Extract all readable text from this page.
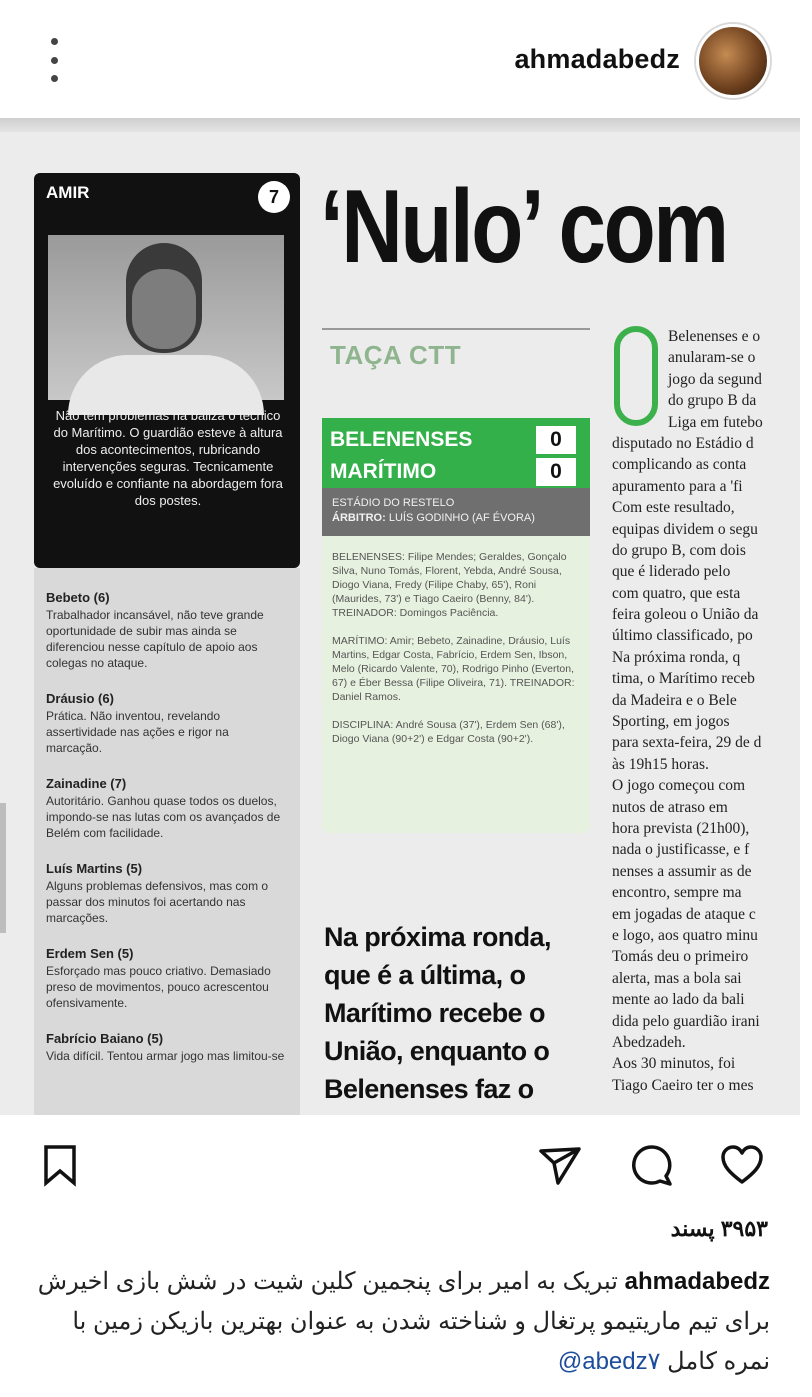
ahmadabedz
AMIR	7
Não tem problemas na baliza o técnico do Marítimo. O guardião esteve à altura dos acontecimentos, rubricando intervenções seguras. Tecnicamente evoluído e confiante na abordagem fora dos postes.
Bebeto (6)
Trabalhador incansável, não teve grande oportunidade de subir mas ainda se diferenciou nesse capítulo de apoio aos colegas no ataque.
Dráusio (6)
Prática. Não inventou, revelando assertividade nas ações e rigor na marcação.
Zainadine (7)
Autoritário. Ganhou quase todos os duelos, impondo-se nas lutas com os avançados de Belém com facilidade.
Luís Martins (5)
Alguns problemas defensivos, mas com o passar dos minutos foi acertando nas marcações.
Erdem Sen (5)
Esforçado mas pouco criativo. Demasiado preso de movimentos, pouco acrescentou ofensivamente.
Fabrício Baiano (5)
Vida difícil. Tentou armar jogo mas limitou-se
‘Nulo’ com
TAÇA CTT
BELENENSES	0
MARÍTIMO	0
ESTÁDIO DO RESTELO
ÁRBITRO: LUÍS GODINHO (AF ÉVORA)

BELENENSES: Filipe Mendes; Geraldes, Gonçalo Silva, Nuno Tomás, Florent, Yebda, André Sousa, Diogo Viana, Fredy (Filipe Chaby, 65'), Roni (Maurides, 73') e Tiago Caeiro (Benny, 84'). TREINADOR: Domingos Paciência.

MARÍTIMO: Amir; Bebeto, Zainadine, Dráusio, Luís Martins, Edgar Costa, Fabrício, Erdem Sen, Ibson, Melo (Ricardo Valente, 70), Rodrigo Pinho (Everton, 67) e Éber Bessa (Filipe Oliveira, 71). TREINADOR: Daniel Ramos.

DISCIPLINA: André Sousa (37'), Erdem Sen (68'), Diogo Viana (90+2') e Edgar Costa (90+2').

Na próxima ronda, que é a última, o Marítimo recebe o União, enquanto o Belenenses faz o
Belenenses e o
anularam-se o
jogo da segund
do grupo B da
Liga em futebo
disputado no Estádio d
complicando as conta
apuramento para a 'fi
Com este resultado,
equipas dividem o segu
do grupo B, com dois
que é liderado pelo
com quatro, que esta
feira goleou o União da
último classificado, po
Na próxima ronda, q
tima, o Marítimo receb
da Madeira e o Bele
Sporting, em jogos
para sexta-feira, 29 de d
às 19h15 horas.
O jogo começou com
nutos de atraso em
hora prevista (21h00),
nada o justificasse, e f
nenses a assumir as de
encontro, sempre ma
em jogadas de ataque c
e logo, aos quatro minu
Tomás deu o primeiro
alerta, mas a bola sai
mente ao lado da bali
dida pelo guardião irani
Abedzadeh.
Aos 30 minutos, foi
Tiago Caeiro ter o mes
۳۹۵۳ پسند
ahmadabedz تبریک به امیر برای پنجمین کلین شیت در شش بازی اخیرش برای تیم ماریتیمو پرتغال و شناخته شدن به عنوان بهترین بازیکن زمین با نمره کامل @abedz۷
